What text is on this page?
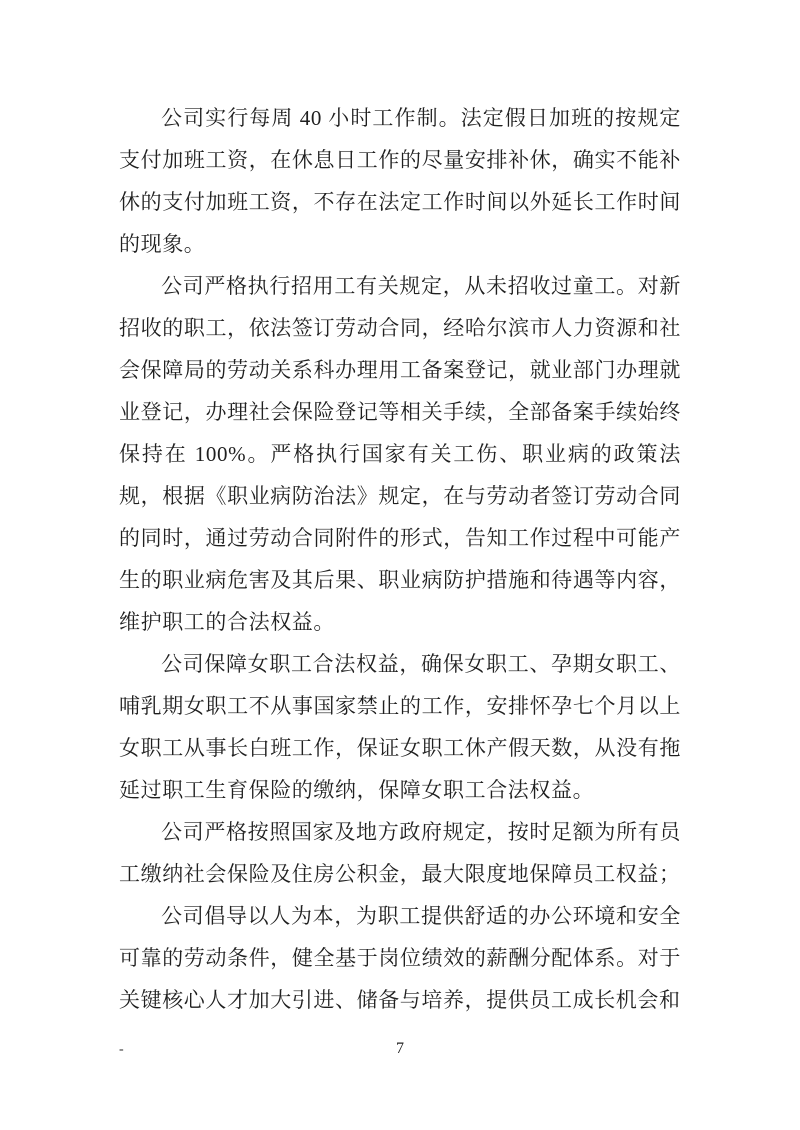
公司实行每周 40 小时工作制。法定假日加班的按规定支付加班工资，在休息日工作的尽量安排补休，确实不能补休的支付加班工资，不存在法定工作时间以外延长工作时间的现象。

公司严格执行招用工有关规定，从未招收过童工。对新招收的职工，依法签订劳动合同，经哈尔滨市人力资源和社会保障局的劳动关系科办理用工备案登记，就业部门办理就业登记，办理社会保险登记等相关手续，全部备案手续始终保持在 100%。严格执行国家有关工伤、职业病的政策法规，根据《职业病防治法》规定，在与劳动者签订劳动合同的同时，通过劳动合同附件的形式，告知工作过程中可能产生的职业病危害及其后果、职业病防护措施和待遇等内容，维护职工的合法权益。

公司保障女职工合法权益，确保女职工、孕期女职工、哺乳期女职工不从事国家禁止的工作，安排怀孕七个月以上女职工从事长白班工作，保证女职工休产假天数，从没有拖延过职工生育保险的缴纳，保障女职工合法权益。

公司严格按照国家及地方政府规定，按时足额为所有员工缴纳社会保险及住房公积金，最大限度地保障员工权益；

公司倡导以人为本，为职工提供舒适的办公环境和安全可靠的劳动条件，健全基于岗位绩效的薪酬分配体系。对于关键核心人才加大引进、储备与培养，提供员工成长机会和

-	7
